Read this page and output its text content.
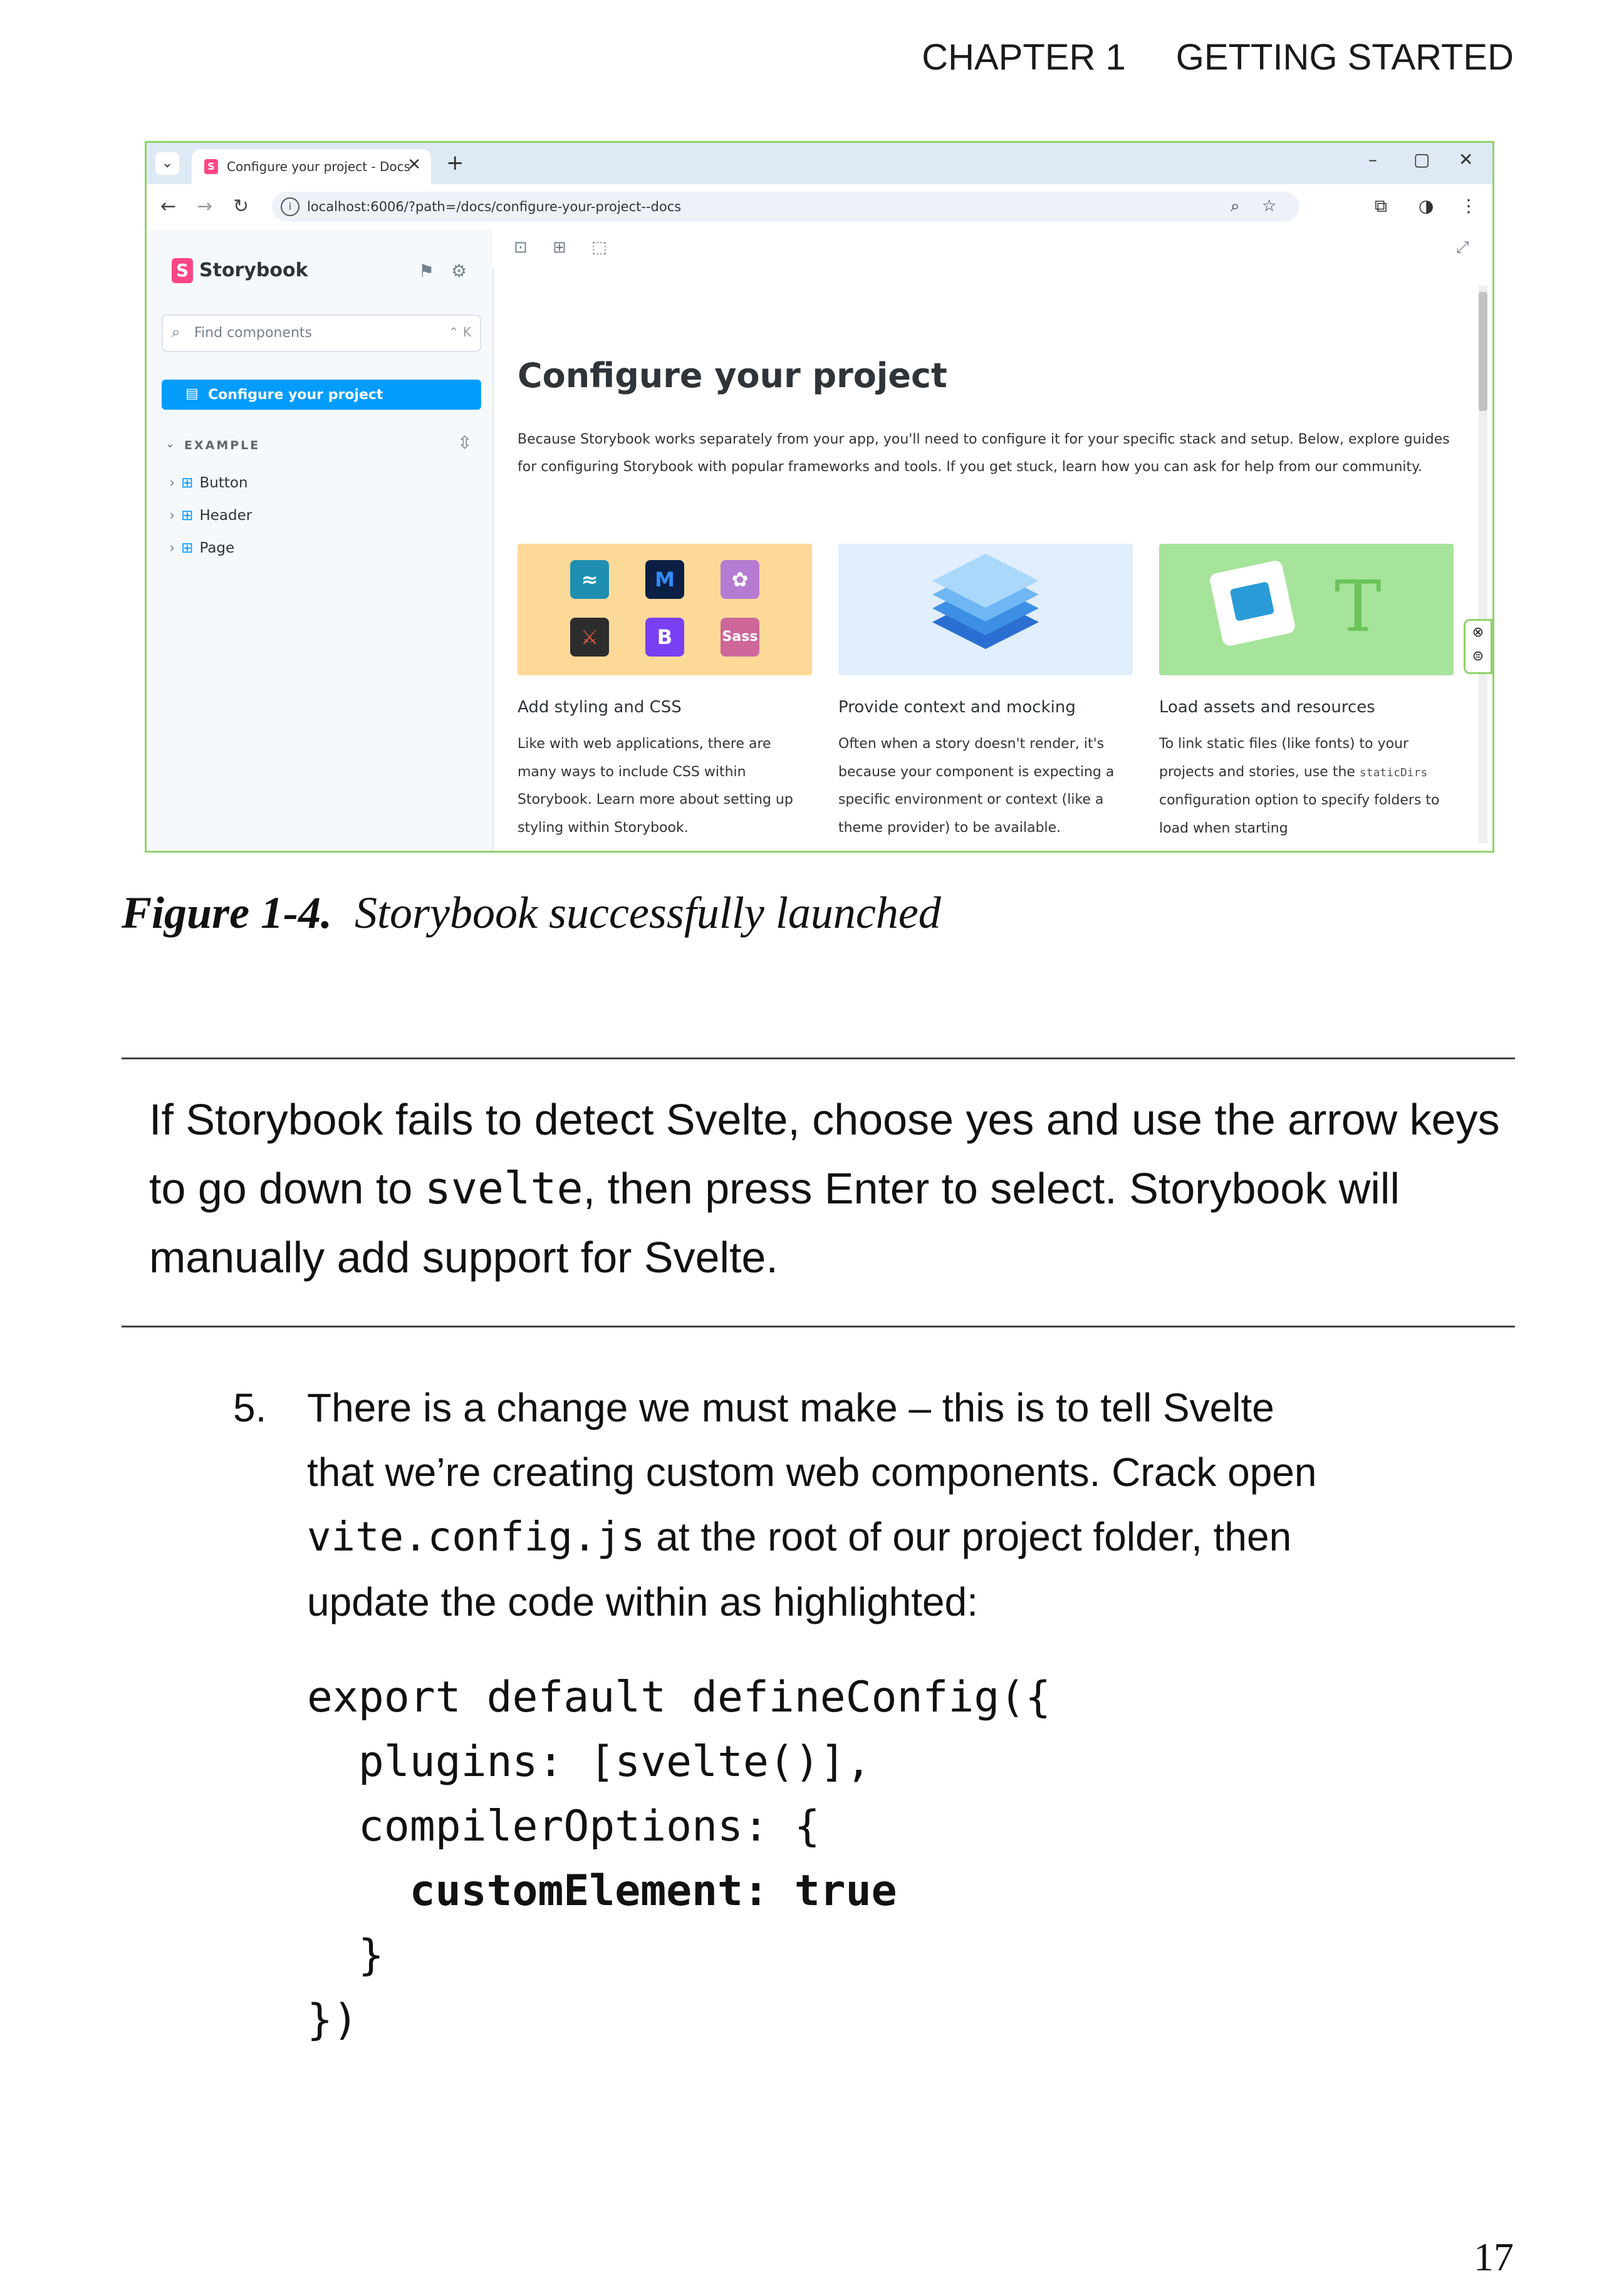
CHAPTER 1 GETTING STARTED
⌄	S Configure your project - Docs
✕ +	– ▢ ✕
← → ↻	i	localhost:6006/?path=/docs/configure-your-project--docs	⌕ ☆	⧉ ◑ ⋮
S Storybook	⚑ ⚙
⌕ Find components	⌃ K
▤ Configure your project
⌄ EXAMPLE	⇳
› ⊞ Button
› ⊞ Header
› ⊞ Page
⊡ ⊞ ⬚	⤢
⊗
⊜
Configure your project
Because Storybook works separately from your app, you'll need to configure it for your specific stack and setup. Below, explore guides for configuring Storybook with popular frameworks and tools. If you get stuck, learn how you can ask for help from our community.
≈	M	✿
⚔	B	Sass	T
Add styling and CSS
Like with web applications, there are many ways to include CSS within Storybook. Learn more about setting up styling within Storybook.
Provide context and mocking
Often when a story doesn't render, it's because your component is expecting a specific environment or context (like a theme provider) to be available.
Load assets and resources
To link static files (like fonts) to your projects and stories, use the staticDirs configuration option to specify folders to load when starting
Figure 1-4. Storybook successfully launched
If Storybook fails to detect Svelte, choose yes and use the arrow keys to go down to svelte, then press Enter to select. Storybook will manually add support for Svelte.
5. There is a change we must make – this is to tell Svelte that we’re creating custom web components. Crack open vite.config.js at the root of our project folder, then update the code within as highlighted:
export default defineConfig({
plugins: [svelte()],
compilerOptions: {
customElement: true
}
})
17
